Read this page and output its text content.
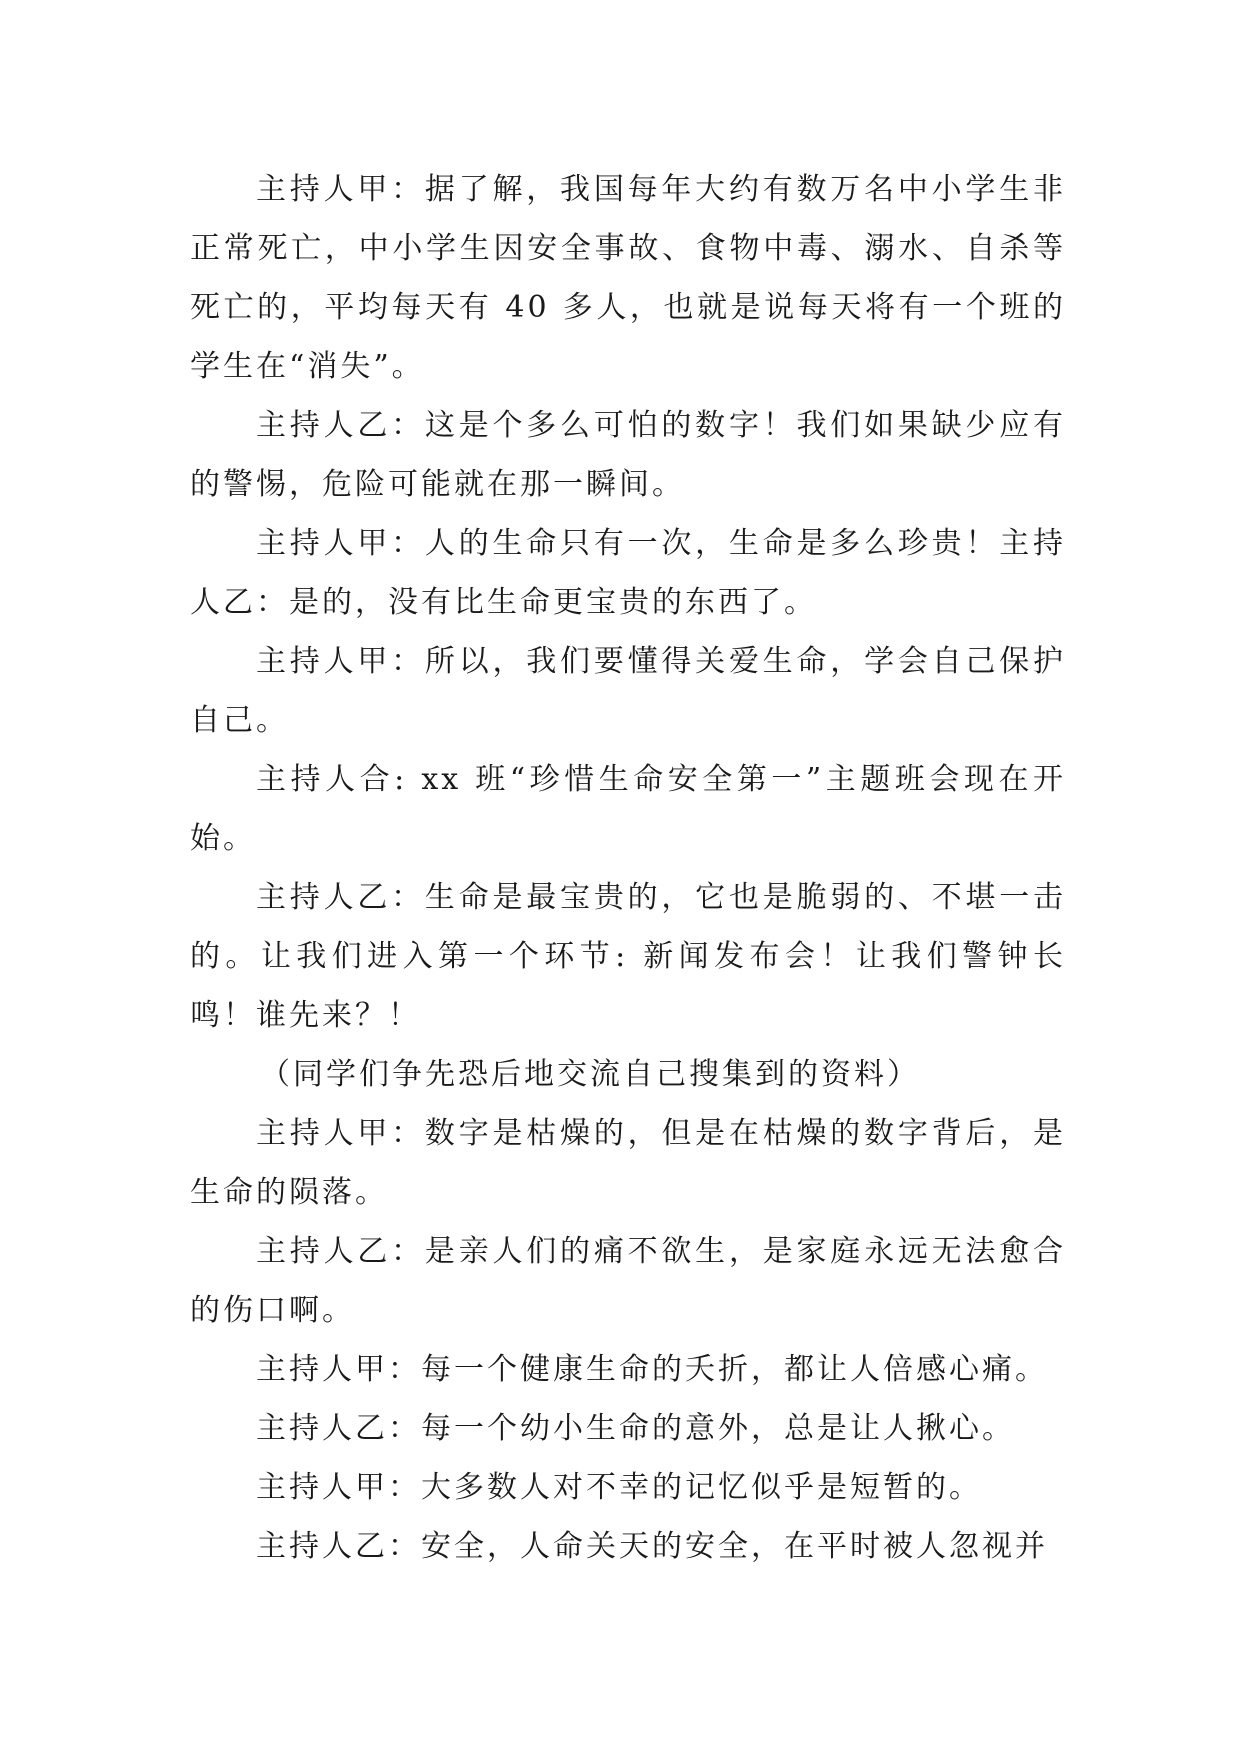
主持人甲：据了解，我国每年大约有数万名中小学生非正常死亡，中小学生因安全事故、食物中毒、溺水、自杀等死亡的，平均每天有 40 多人，也就是说每天将有一个班的学生在“消失”。

主持人乙：这是个多么可怕的数字！我们如果缺少应有的警惕，危险可能就在那一瞬间。

主持人甲：人的生命只有一次，生命是多么珍贵！主持人乙：是的，没有比生命更宝贵的东西了。

主持人甲：所以，我们要懂得关爱生命，学会自己保护自己。

主持人合: xx 班“珍惜生命安全第一”主题班会现在开始。

主持人乙：生命是最宝贵的，它也是脆弱的、不堪一击的。让我们进入第一个环节: 新闻发布会！让我们警钟长鸣！谁先来？！

（同学们争先恐后地交流自己搜集到的资料）

主持人甲：数字是枯燥的，但是在枯燥的数字背后，是生命的陨落。

主持人乙：是亲人们的痛不欲生，是家庭永远无法愈合的伤口啊。

主持人甲：每一个健康生命的夭折，都让人倍感心痛。

主持人乙：每一个幼小生命的意外，总是让人揪心。

主持人甲：大多数人对不幸的记忆似乎是短暂的。

主持人乙：安全，人命关天的安全，在平时被人忽视并
